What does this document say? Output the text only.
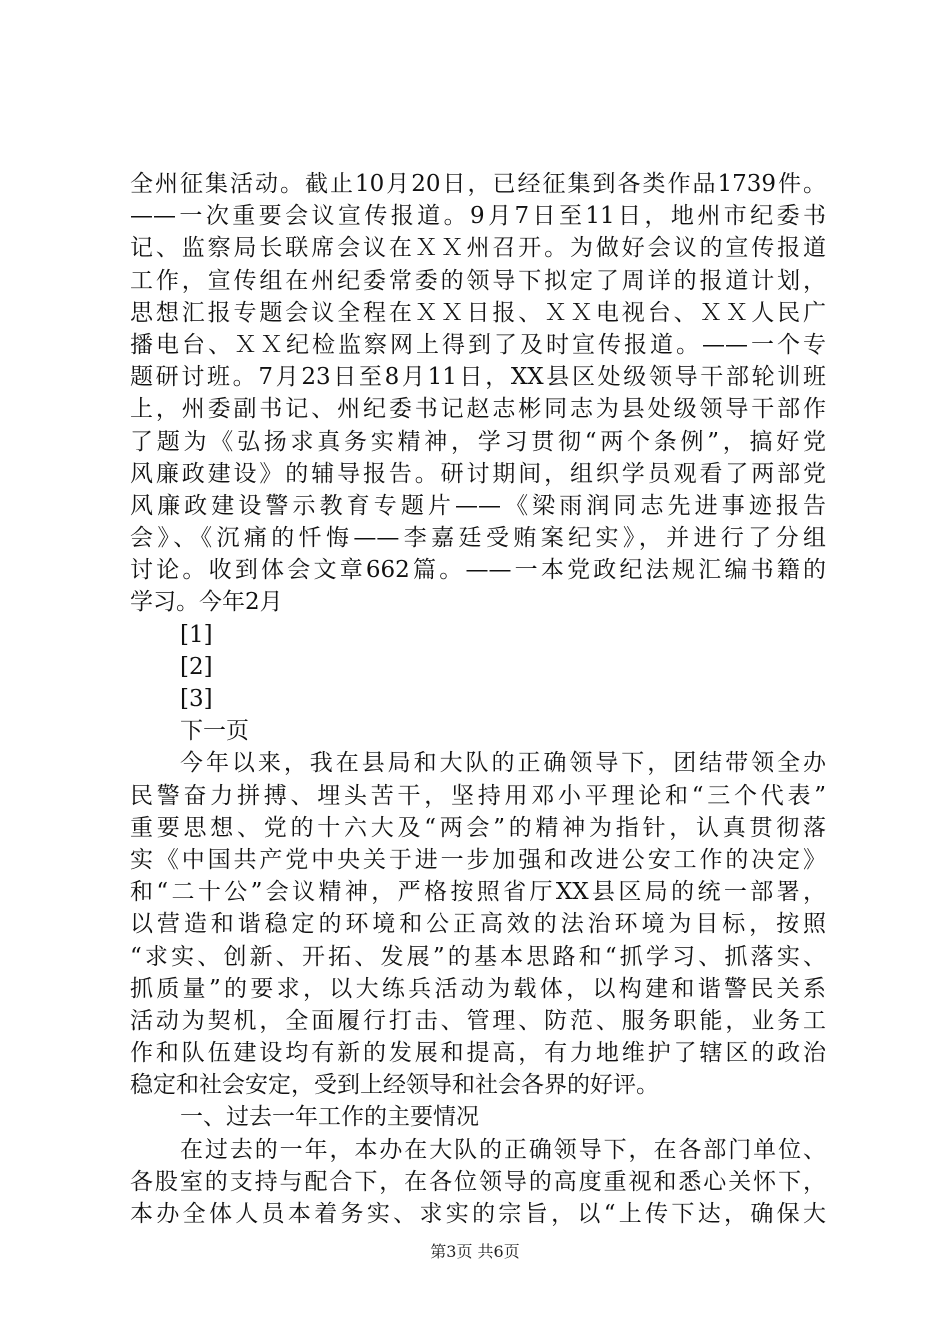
全州征集活动。截止10月20日，已经征集到各类作品1739件。
——一次重要会议宣传报道。9月7日至11日，地州市纪委书
记、监察局长联席会议在ＸＸ州召开。为做好会议的宣传报道
工作，宣传组在州纪委常委的领导下拟定了周详的报道计划，
思想汇报专题会议全程在ＸＸ日报、ＸＸ电视台、ＸＸ人民广
播电台、ＸＸ纪检监察网上得到了及时宣传报道。——一个专
题研讨班。7月23日至8月11日，XX县区处级领导干部轮训班
上，州委副书记、州纪委书记赵志彬同志为县处级领导干部作
了题为《弘扬求真务实精神，学习贯彻“两个条例”，搞好党
风廉政建设》的辅导报告。研讨期间，组织学员观看了两部党
风廉政建设警示教育专题片——《梁雨润同志先进事迹报告
会》、《沉痛的忏悔——李嘉廷受贿案纪实》，并进行了分组
讨论。收到体会文章662篇。——一本党政纪法规汇编书籍的
学习。今年2月
[1]
[2]
[3]
下一页
今年以来，我在县局和大队的正确领导下，团结带领全办
民警奋力拼搏、埋头苦干，坚持用邓小平理论和“三个代表”
重要思想、党的十六大及“两会”的精神为指针，认真贯彻落
实《中国共产党中央关于进一步加强和改进公安工作的决定》
和“二十公”会议精神，严格按照省厅XX县区局的统一部署，
以营造和谐稳定的环境和公正高效的法治环境为目标，按照
“求实、创新、开拓、发展”的基本思路和“抓学习、抓落实、
抓质量”的要求，以大练兵活动为载体，以构建和谐警民关系
活动为契机，全面履行打击、管理、防范、服务职能，业务工
作和队伍建设均有新的发展和提高，有力地维护了辖区的政治
稳定和社会安定，受到上经领导和社会各界的好评。
一、过去一年工作的主要情况
在过去的一年，本办在大队的正确领导下，在各部门单位、
各股室的支持与配合下，在各位领导的高度重视和悉心关怀下，
本办全体人员本着务实、求实的宗旨，以“上传下达，确保大
第3页 共6页
